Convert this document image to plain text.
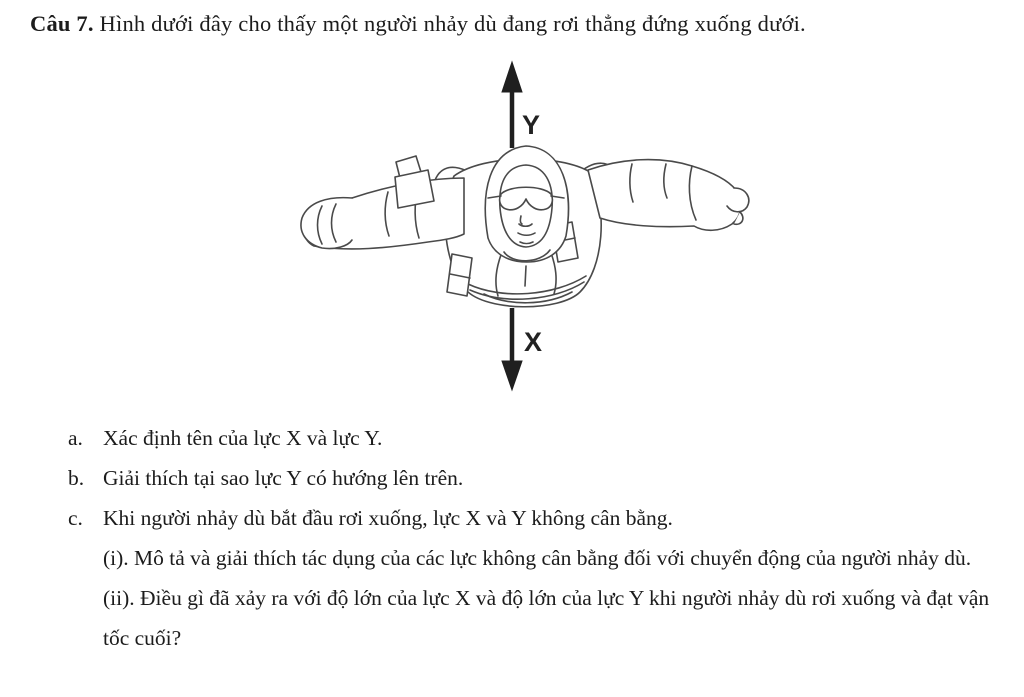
Câu 7. Hình dưới đây cho thấy một người nhảy dù đang rơi thẳng đứng xuống dưới.

Y
X
a. Xác định tên của lực X và lực Y.
b. Giải thích tại sao lực Y có hướng lên trên.
c. Khi người nhảy dù bắt đầu rơi xuống, lực X và Y không cân bằng.

(i). Mô tả và giải thích tác dụng của các lực không cân bằng đối với chuyển động của người nhảy dù.

(ii). Điều gì đã xảy ra với độ lớn của lực X và độ lớn của lực Y khi người nhảy dù rơi xuống và đạt vận tốc cuối?
